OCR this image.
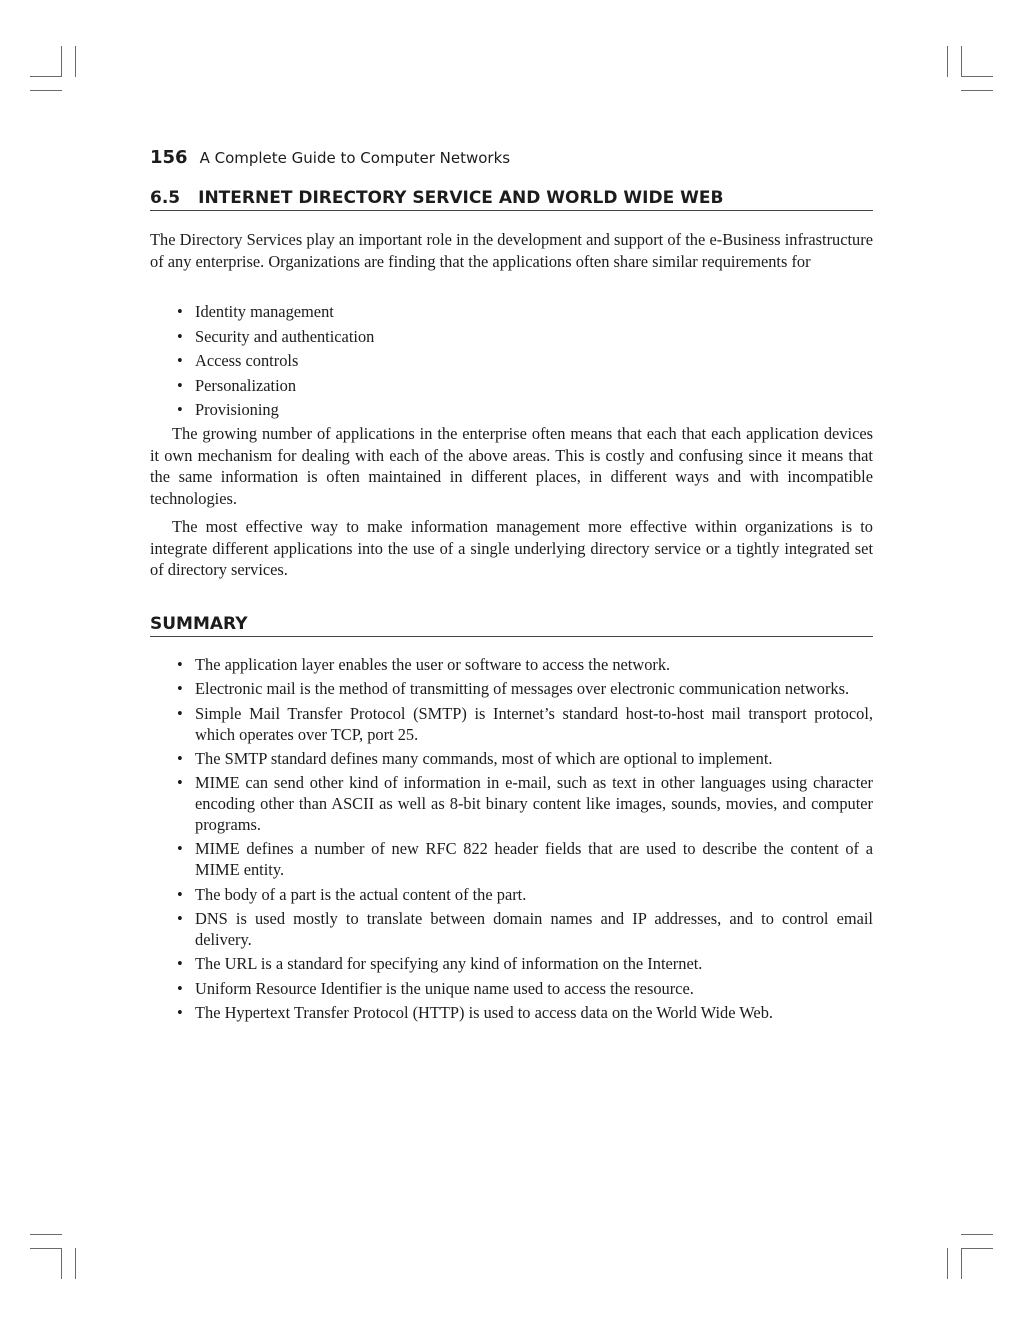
156 A Complete Guide to Computer Networks
6.5 INTERNET DIRECTORY SERVICE AND WORLD WIDE WEB

The Directory Services play an important role in the development and support of the e-Business infrastructure of any enterprise. Organizations are finding that the applications often share similar requirements for

• Identity management
• Security and authentication
• Access controls
• Personalization
• Provisioning

The growing number of applications in the enterprise often means that each that each application devices it own mechanism for dealing with each of the above areas. This is costly and confusing since it means that the same information is often maintained in different places, in different ways and with incompatible technologies.

The most effective way to make information management more effective within organizations is to integrate different applications into the use of a single underlying directory service or a tightly integrated set of directory services.

SUMMARY
• The application layer enables the user or software to access the network.
• Electronic mail is the method of transmitting of messages over electronic communication networks.
• Simple Mail Transfer Protocol (SMTP) is Internet’s standard host-to-host mail transport protocol, which operates over TCP, port 25.
• The SMTP standard defines many commands, most of which are optional to implement.
• MIME can send other kind of information in e-mail, such as text in other languages using character encoding other than ASCII as well as 8-bit binary content like images, sounds, movies, and computer programs.
• MIME defines a number of new RFC 822 header fields that are used to describe the content of a MIME entity.
• The body of a part is the actual content of the part.
• DNS is used mostly to translate between domain names and IP addresses, and to control email delivery.
• The URL is a standard for specifying any kind of information on the Internet.
• Uniform Resource Identifier is the unique name used to access the resource.
• The Hypertext Transfer Protocol (HTTP) is used to access data on the World Wide Web.
